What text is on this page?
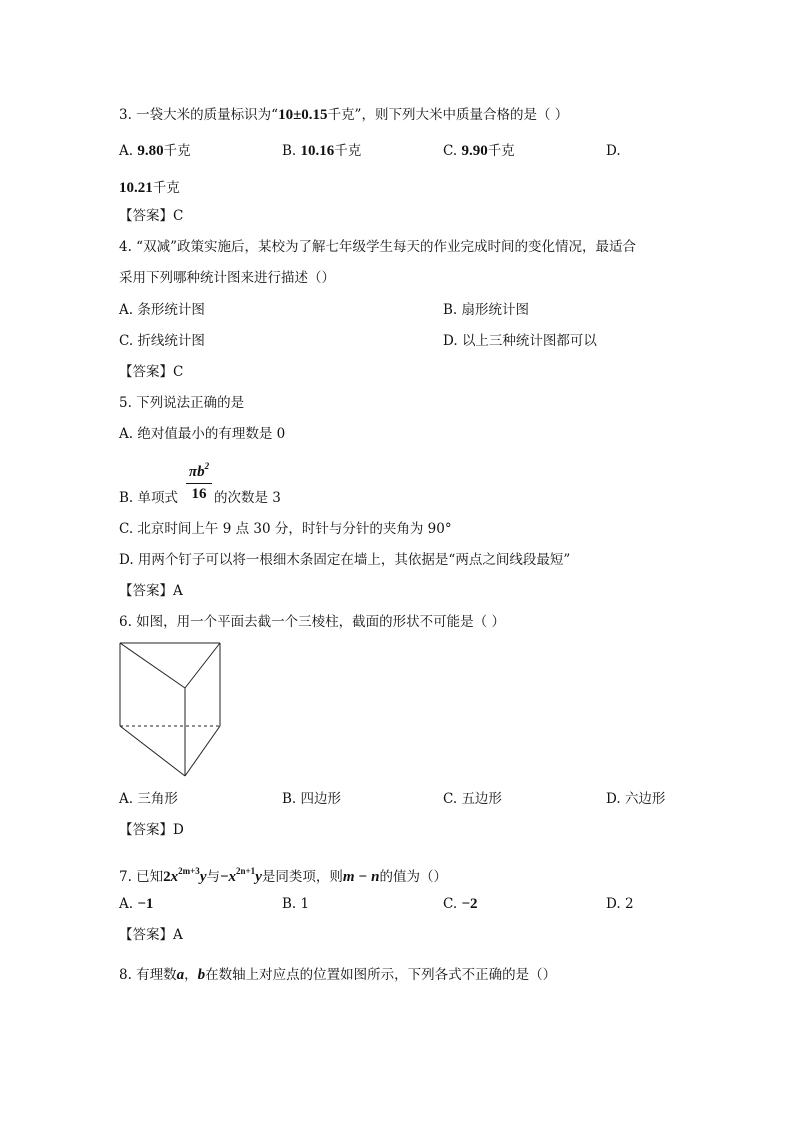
3. 一袋大米的质量标识为“10±0.15千克”，则下列大米中质量合格的是（ ）
A. 9.80千克	B. 10.16千克	C. 9.90千克	D.
10.21千克
【答案】C
4. “双减”政策实施后，某校为了解七年级学生每天的作业完成时间的变化情况，最适合
采用下列哪种统计图来进行描述（）
A. 条形统计图	B. 扇形统计图
C. 折线统计图	D. 以上三种统计图都可以
【答案】C
5. 下列说法正确的是
A. 绝对值最小的有理数是 0
$\pi b^2$
16
B. 单项式	的次数是 3
C. 北京时间上午 9 点 30 分，时针与分针的夹角为 90°
D. 用两个钉子可以将一根细木条固定在墙上，其依据是“两点之间线段最短”
【答案】A
6. 如图，用一个平面去截一个三棱柱，截面的形状不可能是（ ）
A. 三角形	B. 四边形	C. 五边形	D. 六边形
【答案】D
7. 已知$2x^{2m+3}y$与$-x^{2n+1}y$是同类项，则m − n的值为（）
A. −1	B. 1	C. −2	D. 2
【答案】A
8. 有理数a，b在数轴上对应点的位置如图所示，下列各式不正确的是（）
